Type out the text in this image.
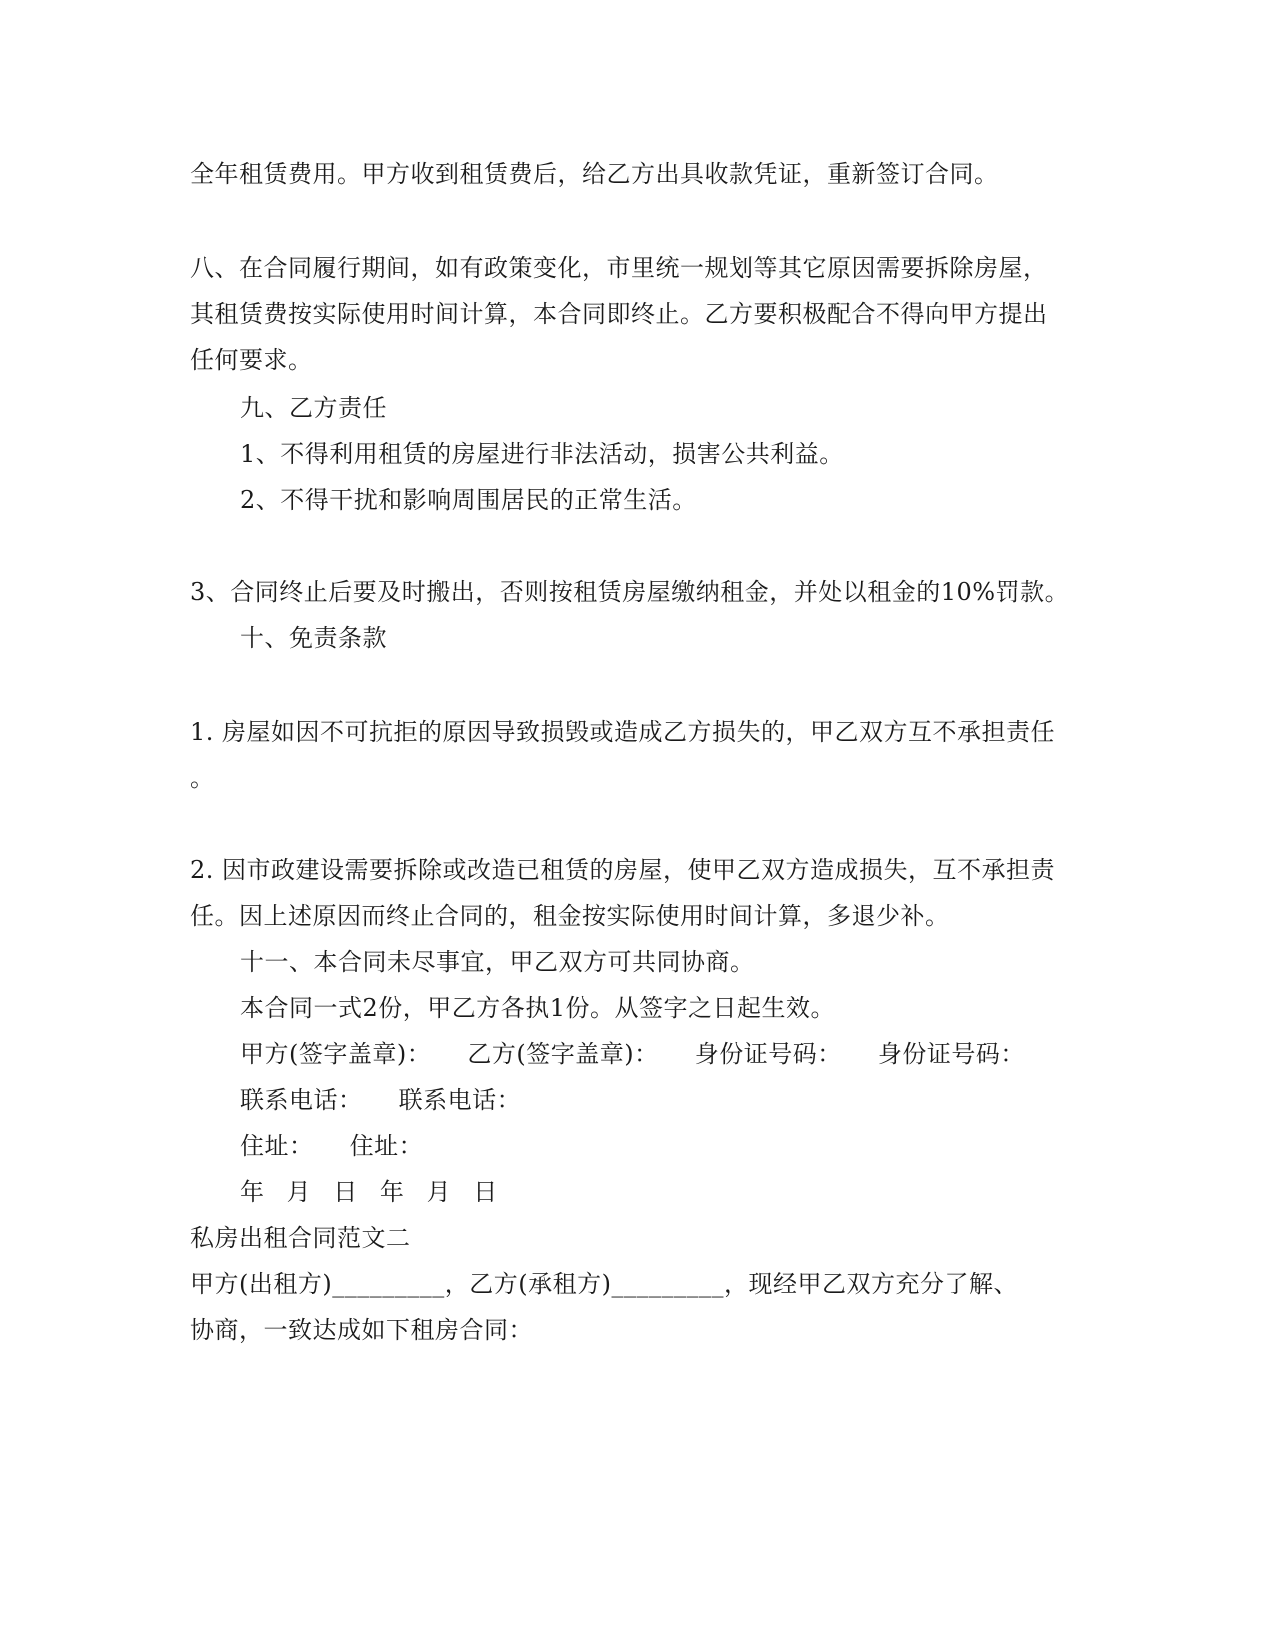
全年租赁费用。甲方收到租赁费后，给乙方出具收款凭证，重新签订合同。
八、在合同履行期间，如有政策变化，市里统一规划等其它原因需要拆除房屋，
其租赁费按实际使用时间计算，本合同即终止。乙方要积极配合不得向甲方提出
任何要求。
九、乙方责任
1、不得利用租赁的房屋进行非法活动，损害公共利益。
2、不得干扰和影响周围居民的正常生活。
3、合同终止后要及时搬出，否则按租赁房屋缴纳租金，并处以租金的10%罚款。
十、免责条款
1. 房屋如因不可抗拒的原因导致损毁或造成乙方损失的，甲乙双方互不承担责任
。
2. 因市政建设需要拆除或改造已租赁的房屋，使甲乙双方造成损失，互不承担责
任。因上述原因而终止合同的，租金按实际使用时间计算，多退少补。
十一、本合同未尽事宜，甲乙双方可共同协商。
本合同一式2份，甲乙方各执1份。从签字之日起生效。
甲方(签字盖章)： 乙方(签字盖章)： 身份证号码： 身份证号码：
联系电话： 联系电话：
住址： 住址：
年 月 日 年 月 日
私房出租合同范文二
甲方(出租方)_________，乙方(承租方)_________，现经甲乙双方充分了解、
协商，一致达成如下租房合同：
